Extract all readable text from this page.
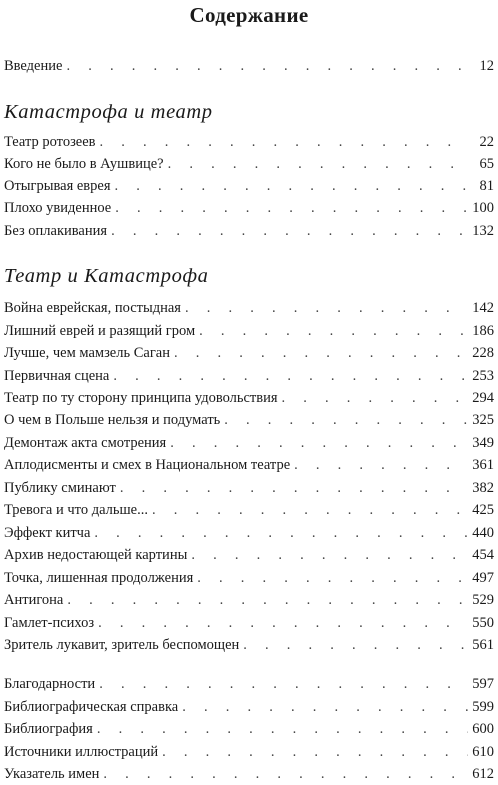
Содержание
Введение .	12
Катастрофа и театр
Театр ротозеев .	22
Кого не было в Аушвице? .	65
Отыгрывая еврея .	81
Плохо увиденное .	100
Без оплакивания .	132
Театр и Катастрофа
Война еврейская, постыдная .	142
Лишний еврей и разящий гром .	186
Лучше, чем мамзель Саган .	228
Первичная сцена .	253
Театр по ту сторону принципа удовольствия .	294
О чем в Польше нельзя и подумать .	325
Демонтаж акта смотрения .	349
Аплодисменты и смех в Национальном театре .	361
Публику сминают .	382
Тревога и что дальше... .	425
Эффект китча .	440
Архив недостающей картины .	454
Точка, лишенная продолжения .	497
Антигона .	529
Гамлет-психоз .	550
Зритель лукавит, зритель беспомощен .	561
Благодарности .	597
Библиографическая справка .	599
Библиография .	600
Источники иллюстраций .	610
Указатель имен .	612
